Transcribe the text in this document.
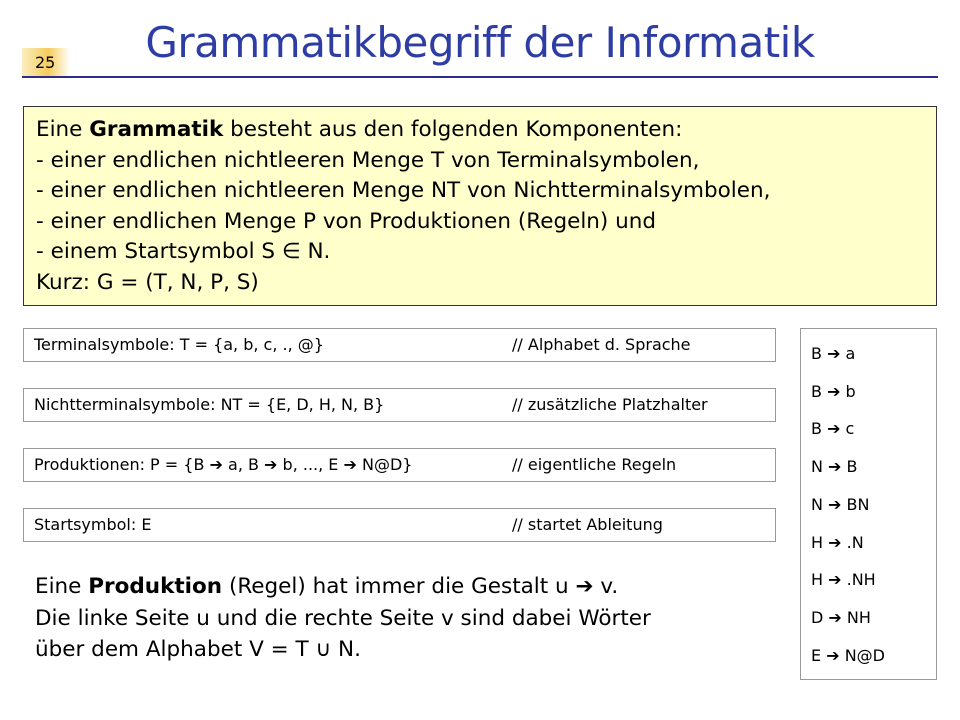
25	Grammatikbegriff der Informatik
Eine Grammatik besteht aus den folgenden Komponenten:
- einer endlichen nichtleeren Menge T von Terminalsymbolen,
- einer endlichen nichtleeren Menge NT von Nichtterminalsymbolen,
- einer endlichen Menge P von Produktionen (Regeln) und
- einem Startsymbol S ∈ N.
Kurz: G = (T, N, P, S)
Terminalsymbole: T = {a, b, c, ., @}	// Alphabet d. Sprache
Nichtterminalsymbole: NT = {E, D, H, N, B}	// zusätzliche Platzhalter
Produktionen: P = {B ➔ a, B ➔ b, ..., E ➔ N@D}	// eigentliche Regeln
Startsymbol: E	// startet Ableitung
B ➔ a
B ➔ b
B ➔ c
N ➔ B
N ➔ BN
H ➔ .N
H ➔ .NH
D ➔ NH
E ➔ N@D
Eine Produktion (Regel) hat immer die Gestalt u ➔ v.
Die linke Seite u und die rechte Seite v sind dabei Wörter
über dem Alphabet V = T ∪ N.
